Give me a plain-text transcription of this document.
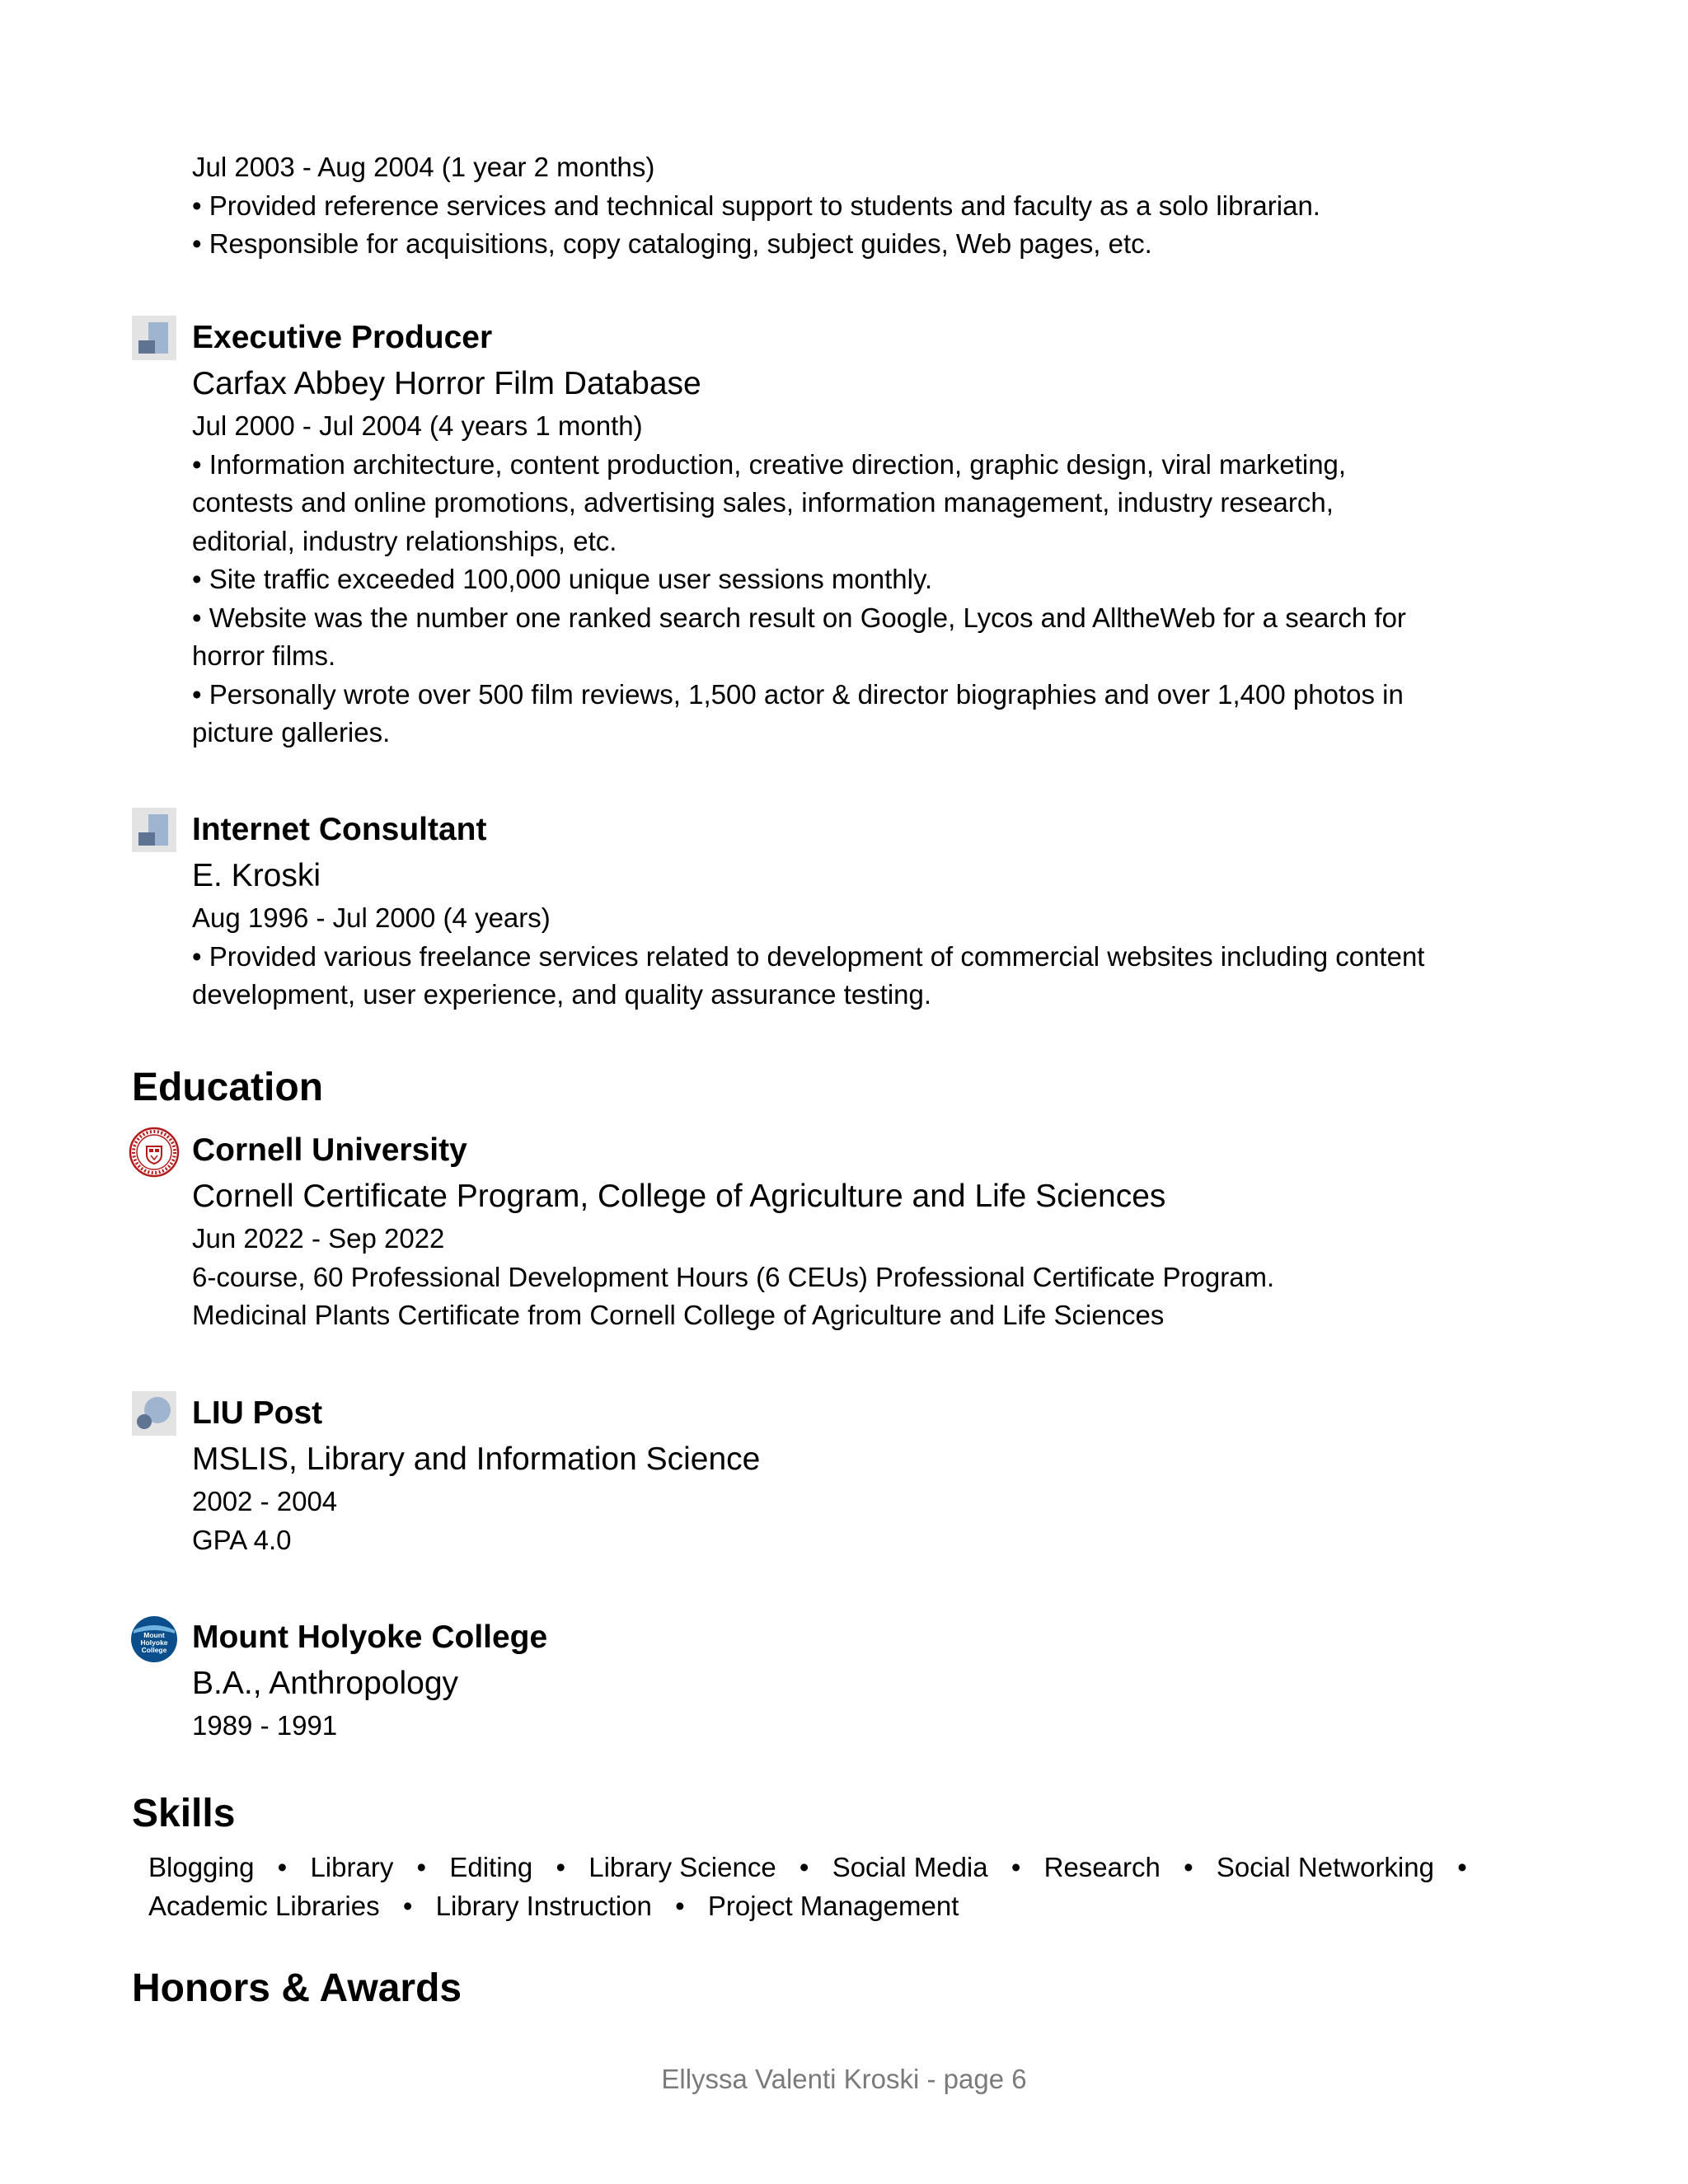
Jul 2003 - Aug 2004 (1 year 2 months)

• Provided reference services and technical support to students and faculty as a solo librarian.

• Responsible for acquisitions, copy cataloging, subject guides, Web pages, etc.

Executive Producer

Carfax Abbey Horror Film Database

Jul 2000 - Jul 2004 (4 years 1 month)

• Information architecture, content production, creative direction, graphic design, viral marketing,

contests and online promotions, advertising sales, information management, industry research,

editorial, industry relationships, etc.

• Site traffic exceeded 100,000 unique user sessions monthly.

• Website was the number one ranked search result on Google, Lycos and AlltheWeb for a search for

horror films.

• Personally wrote over 500 film reviews, 1,500 actor & director biographies and over 1,400 photos in

picture galleries.

Internet Consultant

E. Kroski

Aug 1996 - Jul 2000 (4 years)

• Provided various freelance services related to development of commercial websites including content

development, user experience, and quality assurance testing.

Education

Cornell University

Cornell Certificate Program, College of Agriculture and Life Sciences

Jun 2022 - Sep 2022

6-course, 60 Professional Development Hours (6 CEUs) Professional Certificate Program.

Medicinal Plants Certificate from Cornell College of Agriculture and Life Sciences

LIU Post

MSLIS, Library and Information Science

2002 - 2004

GPA 4.0

Mount
Holyoke
College Mount Holyoke College

B.A., Anthropology

1989 - 1991

Skills
Blogging • Library • Editing • Library Science • Social Media • Research • Social Networking •
Academic Libraries • Library Instruction • Project Management
Honors & Awards
Ellyssa Valenti Kroski - page 6
